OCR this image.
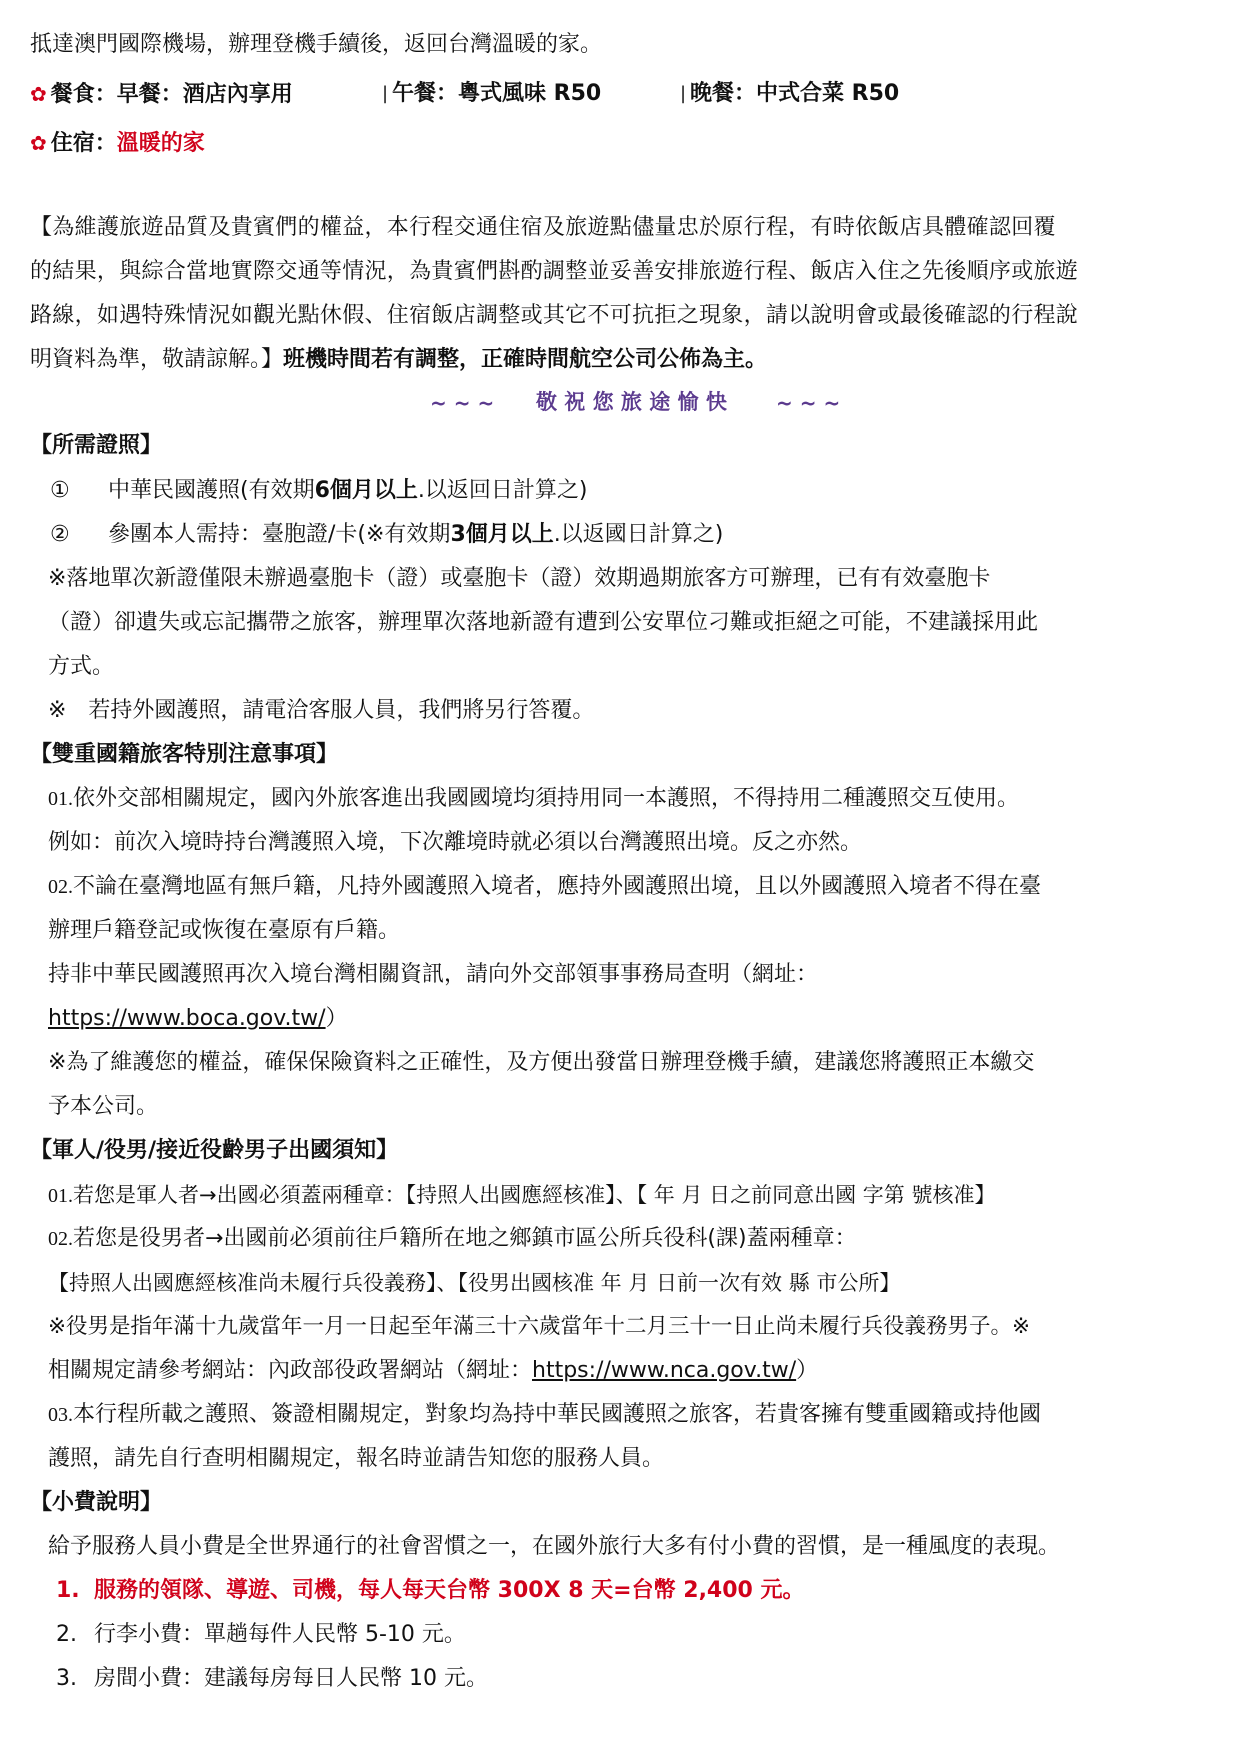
抵達澳門國際機場，辦理登機手續後，返回台灣溫暖的家。
✿ 餐食：早餐：酒店內享用	| 午餐：粵式風味 R50	| 晚餐：中式合菜 R50
✿ 住宿：溫暖的家
【為維護旅遊品質及貴賓們的權益，本行程交通住宿及旅遊點儘量忠於原行程，有時依飯店具體確認回覆
的結果，與綜合當地實際交通等情況，為貴賓們斟酌調整並妥善安排旅遊行程、飯店入住之先後順序或旅遊
路線，如遇特殊情況如觀光點休假、住宿飯店調整或其它不可抗拒之現象，請以說明會或最後確認的行程說
明資料為準，敬請諒解。】班機時間若有調整，正確時間航空公司公佈為主。
~ ~ ~ 敬 祝 您 旅 途 愉 快 ~ ~ ~
【所需證照】
① 中華民國護照(有效期6個月以上.以返回日計算之)
② 參團本人需持：臺胞證/卡(※有效期3個月以上.以返國日計算之)
※落地單次新證僅限未辦過臺胞卡（證）或臺胞卡（證）效期過期旅客方可辦理，已有有效臺胞卡
（證）卻遺失或忘記攜帶之旅客，辦理單次落地新證有遭到公安單位刁難或拒絕之可能，不建議採用此
方式。
※　若持外國護照，請電洽客服人員，我們將另行答覆。
【雙重國籍旅客特別注意事項】
01.依外交部相關規定，國內外旅客進出我國國境均須持用同一本護照，不得持用二種護照交互使用。
例如：前次入境時持台灣護照入境，下次離境時就必須以台灣護照出境。反之亦然。
02.不論在臺灣地區有無戶籍，凡持外國護照入境者，應持外國護照出境，且以外國護照入境者不得在臺
辦理戶籍登記或恢復在臺原有戶籍。
持非中華民國護照再次入境台灣相關資訊，請向外交部領事事務局查明（網址：
https://www.boca.gov.tw/）
※為了維護您的權益，確保保險資料之正確性，及方便出發當日辦理登機手續，建議您將護照正本繳交
予本公司。
【軍人/役男/接近役齡男子出國須知】
01.若您是軍人者→出國必須蓋兩種章：【持照人出國應經核准】、【 年 月 日之前同意出國 字第 號核准】
02.若您是役男者→出國前必須前往戶籍所在地之鄉鎮市區公所兵役科(課)蓋兩種章：
【持照人出國應經核准尚未履行兵役義務】、【役男出國核准 年 月 日前一次有效 縣 市公所】
※役男是指年滿十九歲當年一月一日起至年滿三十六歲當年十二月三十一日止尚未履行兵役義務男子。※
相關規定請參考網站：內政部役政署網站（網址：https://www.nca.gov.tw/）
03.本行程所載之護照、簽證相關規定，對象均為持中華民國護照之旅客，若貴客擁有雙重國籍或持他國
護照，請先自行查明相關規定，報名時並請告知您的服務人員。
【小費說明】
給予服務人員小費是全世界通行的社會習慣之一，在國外旅行大多有付小費的習慣，是一種風度的表現。
1. 服務的領隊、導遊、司機，每人每天台幣 300X 8 天=台幣 2,400 元。
2. 行李小費：單趟每件人民幣 5-10 元。
3. 房間小費：建議每房每日人民幣 10 元。
